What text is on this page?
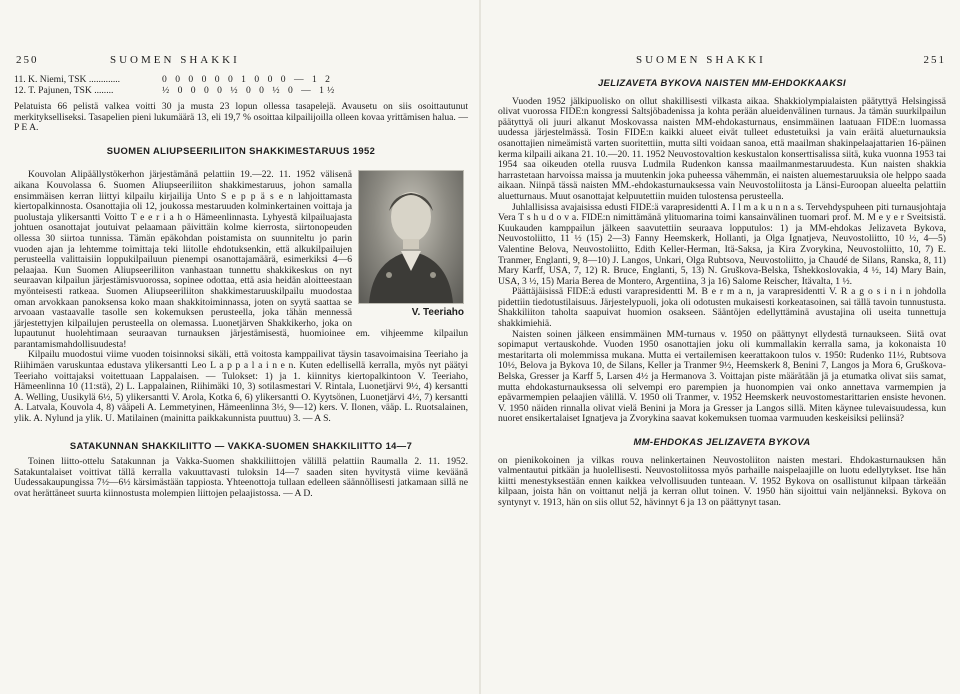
250	SUOMEN SHAKKI
11. K. Niemi, TSK .............	0 0 0 0 0 0 1 0 0 0 — 1 2
12. T. Pajunen, TSK ........	½ 0 0 0 0 ½ 0 0 ½ 0 — 1½

Pelatuista 66 pelistä valkea voitti 30 ja musta 23 lopun ollessa tasapelejä. Avausetu on siis osoittautunut merkitykselliseksi. Tasapelien pieni lukumäärä 13, eli 19,7 % osoittaa kilpailijoilla olleen kovaa yrittämisen halua. — P E A.

SUOMEN ALIUPSEERILIITON SHAKKIMESTARUUS 1952
V. Teeriaho

Kouvolan Alipäällystökerhon järjestämänä pelattiin 19.—22. 11. 1952 välisenä aikana Kouvolassa 6. Suomen Aliupseeriliiton shakkimestaruus, johon samalla ensimmäisen kerran liittyi kilpailu kirjailija Unto S e p p ä s e n lahjoittamasta kiertopalkinnosta. Osanottajia oli 12, joukossa mestaruuden kolminkertainen voittaja ja puolustaja ylikersantti Voitto T e e r i a h o Hämeenlinnasta. Lyhyestä kilpailuajasta johtuen osanottajat joutuivat pelaamaan päivittäin kolme kierrosta, siirtonopeuden ollessa 30 siirtoa tunnissa. Tämän epäkohdan poistamista on suunniteltu jo parin vuoden ajan ja lehtemme toimittaja teki liitolle ehdotuksenkin, että alkukilpailujen perusteella valittaisiin loppukilpailuun pienempi osanottajamäärä, esimerkiksi 4—6 pelaajaa. Kun Suomen Aliupseeriliiton vanhastaan tunnettu shakkikeskus on nyt seuraavan kilpailun järjestämisvuorossa, sopinee odottaa, että asia heidän aloitteestaan myönteisesti ratkeaa. Suomen Aliupseeriliiton shakkimestaruuskilpailu muodostaa oman arvokkaan panoksensa koko maan shakkitoiminnassa, joten on syytä saattaa se arvoaan vastaavalle tasolle sen kokemuksen perusteella, joka tähän mennessä järjestettyjen kilpailujen perusteella on olemassa. Luonetjärven Shakkikerho, joka on lupautunut huolehtimaan seuraavan turnauksen järjestämisestä, huomioinee em. vihjeemme kilpailun parantamismahdollisuudesta!

Kilpailu muodostui viime vuoden toisinnoksi sikäli, että voitosta kamppailivat täysin tasavoimaisina Teeriaho ja Riihimäen varuskuntaa edustava ylikersantti Leo L a p p a l a i n e n. Kuten edellisellä kerralla, myös nyt päätyi Teeriaho voittajaksi voitettuaan Lappalaisen. — Tulokset: 1) ja 1. kiinnitys kiertopalkintoon V. Teeriaho, Hämeenlinna 10 (11:stä), 2) L. Lappalainen, Riihimäki 10, 3) sotilasmestari V. Rintala, Luonetjärvi 9½, 4) kersantti A. Welling, Uusikylä 6½, 5) ylikersantti V. Arola, Kotka 6, 6) ylikersantti O. Kyytsönen, Luonetjärvi 4½, 7) kersantti A. Latvala, Kouvola 4, 8) vääpeli A. Lemmetyinen, Hämeenlinna 3½, 9—12) kers. V. Ilonen, vääp. L. Ruotsalainen, ylik. A. Nylund ja ylik. U. Matilainen (mainitta paikkakunnista puuttuu) 3. — A S.

SATAKUNNAN SHAKKILIITTO — VAKKA-SUOMEN SHAKKILIITTO 14—7

Toinen liitto-ottelu Satakunnan ja Vakka-Suomen shakkiliittojen välillä pelattiin Raumalla 2. 11. 1952. Satakuntalaiset voittivat tällä kerralla vakuuttavasti tuloksin 14—7 saaden siten hyvitystä viime keväänä Uudessakaupungissa 7½—6½ kärsimästään tappiosta. Yhteenottoja tullaan edelleen säännöllisesti jatkamaan sillä ne ovat herättäneet suurta kiinnostusta molempien liittojen pelaajistossa. — A D.

SUOMEN SHAKKI	251
JELIZAVETA BYKOVA NAISTEN MM-EHDOKKAAKSI

Vuoden 1952 jälkipuolisko on ollut shakillisesti vilkasta aikaa. Shakkiolympialaisten päätyttyä Helsingissä olivat vuorossa FIDE:n kongressi Saltsjöbadenissa ja kohta perään alueidenvälinen turnaus. Ja tämän suurkilpailun päätyttyä oli juuri alkanut Moskovassa naisten MM-ehdokasturnaus, ensimmäinen laatuaan FIDE:n luomassa uudessa järjestelmässä. Tosin FIDE:n kaikki alueet eivät tulleet edustetuiksi ja vain eräitä alueturnauksia osanottajien nimeämistä varten suoritettiin, mutta silti voidaan sanoa, että maailman shakinpelaajattarien 16-päinen kerma kilpaili aikana 21. 10.—20. 11. 1952 Neuvostovaltion keskustalon konserttisalissa siitä, kuka vuonna 1953 tai 1954 saa oikeuden otella ruusva Ludmila Rudenkon kanssa maailmanmestaruudesta. Kun naisten shakkia harrastetaan harvoissa maissa ja muutenkin joka puheessa vähemmän, ei naisten aluemestaruuksia ole helppo saada aikaan. Niinpä tässä naisten MM.-ehdokasturnauksessa vain Neuvostoliitosta ja Länsi-Euroopan alueelta pelattiin aluetturnaus. Muut osanottajat kelpuutettiin muiden tulostensa perusteella.

Juhlallisissa avajaisissa edusti FIDE:ä varapresidentti A. I l m a k u n n a s. Tervehdyspuheen piti turnausjohtaja Vera T s h u d o v a. FIDE:n nimittämänä ylituomarina toimi kansainvälinen tuomari prof. M. M e y e r Sveitsistä. Kuukauden kamppailun jälkeen saavutettiin seuraava lopputulos: 1) ja MM-ehdokas Jelizaveta Bykova, Neuvostoliitto, 11 ½ (15) 2—3) Fanny Heemskerk, Hollanti, ja Olga Ignatjeva, Neuvostoliitto, 10 ½, 4—5) Valentine Belova, Neuvostoliitto, Edith Keller-Herman, Itä-Saksa, ja Kira Zvorykina, Neuvostoliitto, 10, 7) E. Tranmer, Englanti, 9, 8—10) J. Langos, Unkari, Olga Rubtsova, Neuvostoliitto, ja Chaudé de Silans, Ranska, 8, 11) Mary Karff, USA, 7, 12) R. Bruce, Englanti, 5, 13) N. Gruškova-Belska, Tshekkoslovakia, 4 ½, 14) Mary Bain, USA, 3 ½, 15) Maria Berea de Montero, Argentiina, 3 ja 16) Salome Reischer, Itävalta, 1 ½.

Päättäjäisissä FIDE:ä edusti varapresidentti M. B e r m a n, ja varapresidentti V. R a g o s i n i n johdolla pidettiin tiedotustilaisuus. Järjestelypuoli, joka oli odotusten mukaisesti korkeatasoinen, sai tällä tavoin tunnustusta. Shakkiliiton taholta saapuivat huomion osakseen. Sääntöjen edellyttäminä avustajina oli useita tunnettuja shakkimiehiä.

Naisten soinen jälkeen ensimmäinen MM-turnaus v. 1950 on päättynyt ellydestä turnaukseen. Siitä ovat sopimaput vertauskohde. Vuoden 1950 osanottajien joku oli kummallakin kerralla sama, ja kokonaista 10 mestaritarta oli molemmissa mukana. Mutta ei vertailemisen keerattakoon tulos v. 1950: Rudenko 11½, Rubtsova 10½, Belova ja Bykova 10, de Silans, Keller ja Tranmer 9½, Heemskerk 8, Benini 7, Langos ja Mora 6, Gruškova-Belska, Gresser ja Karff 5, Larsen 4½ ja Hermanova 3. Voittajan piste määrätään jä ja etumatka olivat siis samat, mutta ehdokasturnauksessa oli selvempi ero parempien ja huonompien vai onko annettava varmempien ja epävarmempien pelaajien välillä. V. 1950 oli Tranmer, v. 1952 Heemskerk neuvostomestarittarien ensiste hevonen. V. 1950 näiden rinnalla olivat vielä Benini ja Mora ja Gresser ja Langos sillä. Miten käynee tulevaisuudessa, kun nuoret ensikertalaiset Ignatjeva ja Zvorykina saavat kokemuksen tuomaa varmuuden keskeisiksi peliinsä?

MM-EHDOKAS JELIZAVETA BYKOVA

on pienikokoinen ja vilkas rouva nelinkertainen Neuvostoliiton naisten mestari. Ehdokasturnauksen hän valmentautui pitkään ja huolellisesti. Neuvostoliitossa myös parhaille naispelaajille on luotu edellytykset. Itse hän kiitti menestyksestään ennen kaikkea velvollisuuden tunteaan. V. 1952 Bykova on osallistunut kilpaan tärkeään kilpaan, joista hän on voittanut neljä ja kerran ollut toinen. V. 1950 hän sijoittui vain neljänneksi. Bykova on syntynyt v. 1913, hän on siis ollut 52, hävinnyt 6 ja 13 on päättynyt tasan.
